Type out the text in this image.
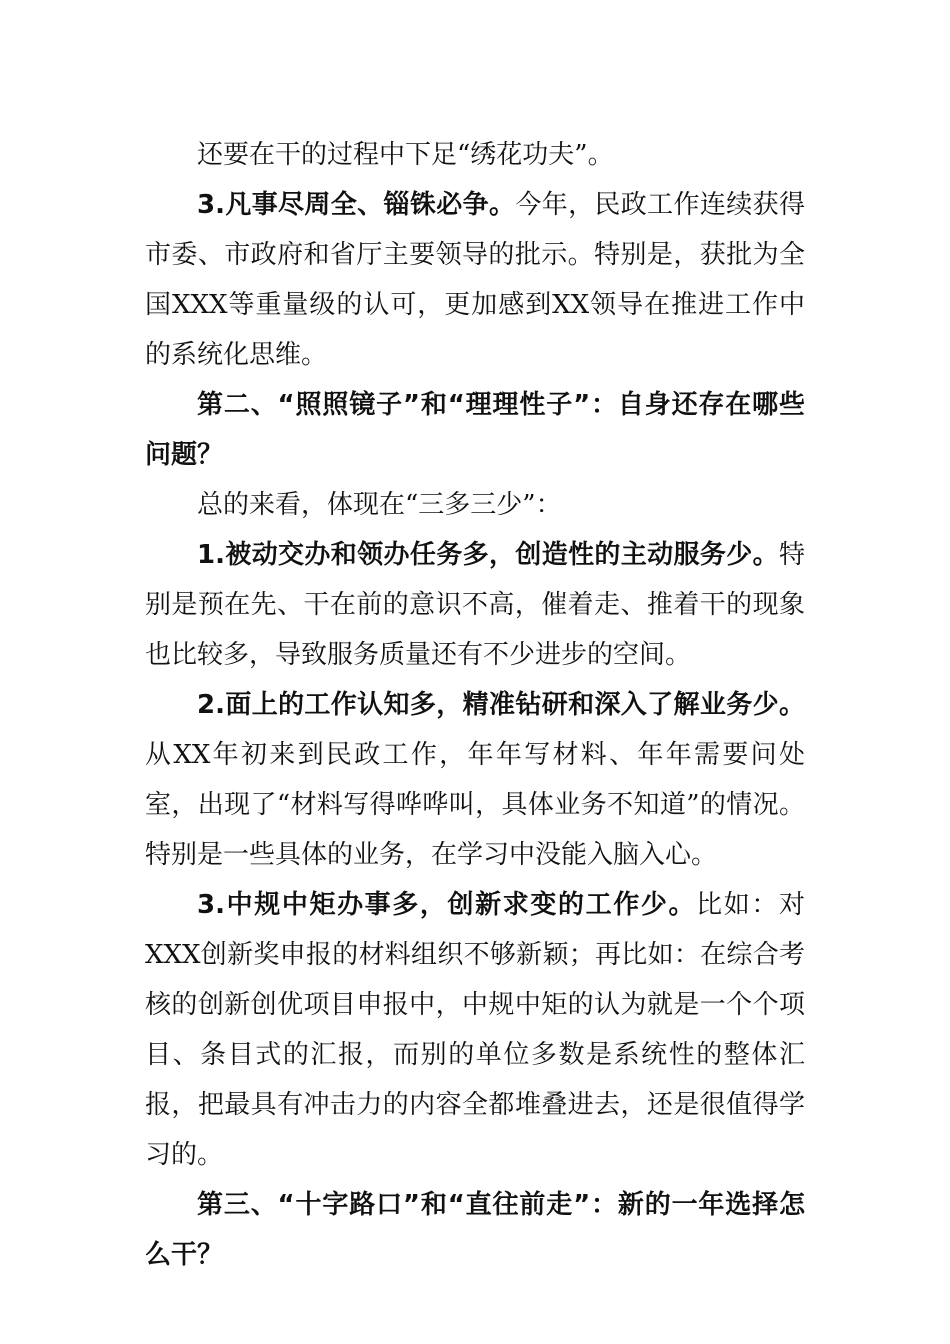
还要在干的过程中下足“绣花功夫”。

3.凡事尽周全、锱铢必争。今年，民政工作连续获得市委、市政府和省厅主要领导的批示。特别是，获批为全国XXX等重量级的认可，更加感到XX领导在推进工作中的系统化思维。

第二、“照照镜子”和“理理性子”：自身还存在哪些问题？

总的来看，体现在“三多三少”：

1.被动交办和领办任务多，创造性的主动服务少。特别是预在先、干在前的意识不高，催着走、推着干的现象也比较多，导致服务质量还有不少进步的空间。

2.面上的工作认知多，精准钻研和深入了解业务少。从XX年初来到民政工作，年年写材料、年年需要问处室，出现了“材料写得哗哗叫，具体业务不知道”的情况。特别是一些具体的业务，在学习中没能入脑入心。

3.中规中矩办事多，创新求变的工作少。比如：对XXX创新奖申报的材料组织不够新颖；再比如：在综合考核的创新创优项目申报中，中规中矩的认为就是一个个项目、条目式的汇报，而别的单位多数是系统性的整体汇报，把最具有冲击力的内容全都堆叠进去，还是很值得学习的。

第三、“十字路口”和“直往前走”：新的一年选择怎么干？
